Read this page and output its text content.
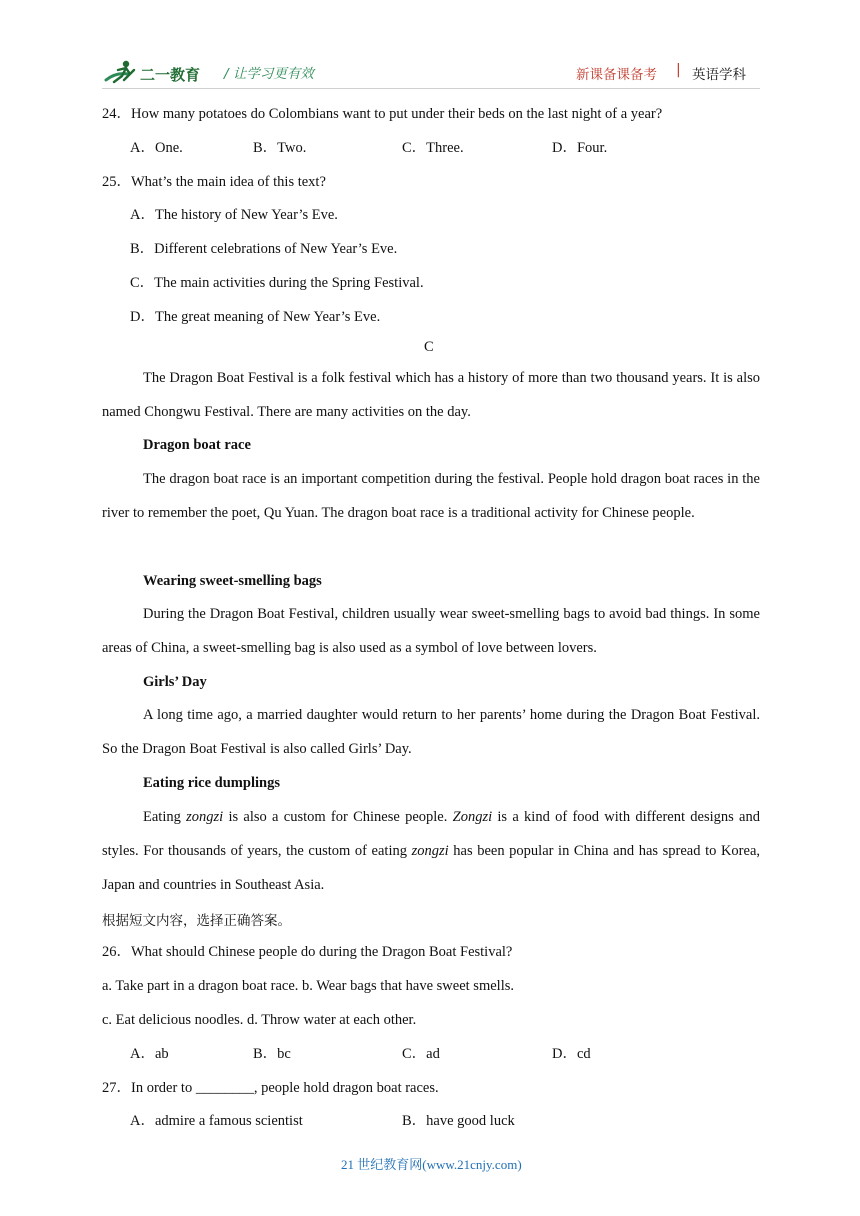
二一教育 / 让学习更有效	新课备课备考 | 英语学科
24．How many potatoes do Colombians want to put under their beds on the last night of a year?
A．One.	B．Two.	C．Three.	D．Four.
25．What’s the main idea of this text?
A．The history of New Year’s Eve.
B．Different celebrations of New Year’s Eve.
C．The main activities during the Spring Festival.
D．The great meaning of New Year’s Eve.
C

The Dragon Boat Festival is a folk festival which has a history of more than two thousand years. It is also named Chongwu Festival. There are many activities on the day.

Dragon boat race

The dragon boat race is an important competition during the festival. People hold dragon boat races in the river to remember the poet, Qu Yuan. The dragon boat race is a traditional activity for Chinese people.

Wearing sweet-smelling bags

During the Dragon Boat Festival, children usually wear sweet-smelling bags to avoid bad things. In some areas of China, a sweet-smelling bag is also used as a symbol of love between lovers.

Girls’ Day

A long time ago, a married daughter would return to her parents’ home during the Dragon Boat Festival. So the Dragon Boat Festival is also called Girls’ Day.

Eating rice dumplings

Eating zongzi is also a custom for Chinese people. Zongzi is a kind of food with different designs and styles. For thousands of years, the custom of eating zongzi has been popular in China and has spread to Korea, Japan and countries in Southeast Asia.

根据短文内容，选择正确答案。
26．What should Chinese people do during the Dragon Boat Festival?
a. Take part in a dragon boat race. b. Wear bags that have sweet smells.
c. Eat delicious noodles. d. Throw water at each other.
A．ab	B．bc	C．ad	D．cd
27．In order to ________, people hold dragon boat races.
A．admire a famous scientist	B．have good luck
21 世纪教育网(www.21cnjy.com)
